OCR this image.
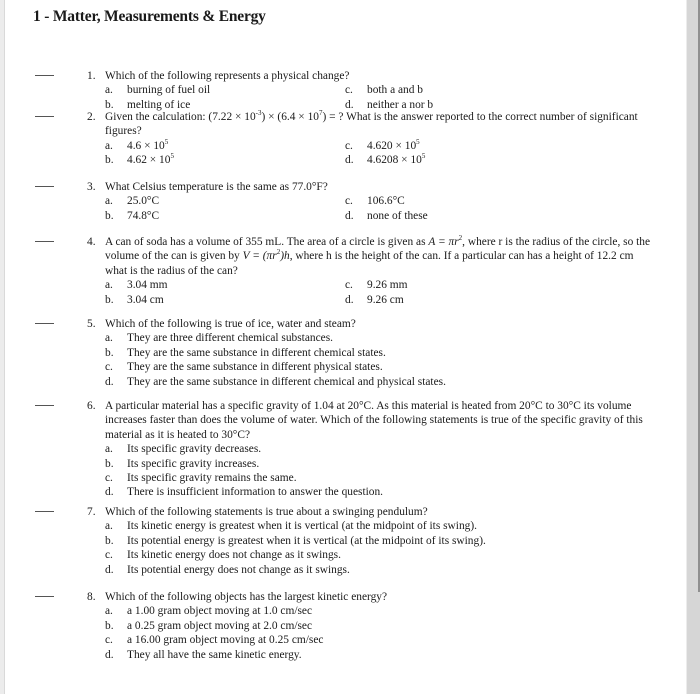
1 - Matter, Measurements & Energy
1. Which of the following represents a physical change?
a. burning of fuel oil	c. both a and b
b. melting of ice	d. neither a nor b
2. Given the calculation: $(7.22 \times 10^{-3}) \times (6.4 \times 10^7)$ = ? What is the answer reported to the correct number of significant figures?
a. $4.6 \times 10^5$	c. $4.620 \times 10^5$
b. $4.62 \times 10^5$	d. $4.6208 \times 10^5$
3. What Celsius temperature is the same as 77.0°F?
a. 25.0°C	c. 106.6°C
b. 74.8°C	d. none of these
4. A can of soda has a volume of 355 mL. The area of a circle is given as $A = \pi r^2$, where r is the radius of the circle, so the volume of the can is given by $V = (\pi r^2)h$, where h is the height of the can. If a particular can has a height of 12.2 cm what is the radius of the can?
a. 3.04 mm	c. 9.26 mm
b. 3.04 cm	d. 9.26 cm
5. Which of the following is true of ice, water and steam?
a. They are three different chemical substances.
b. They are the same substance in different chemical states.
c. They are the same substance in different physical states.
d. They are the same substance in different chemical and physical states.
6. A particular material has a specific gravity of 1.04 at 20°C. As this material is heated from 20°C to 30°C its volume increases faster than does the volume of water. Which of the following statements is true of the specific gravity of this material as it is heated to 30°C?
a. Its specific gravity decreases.
b. Its specific gravity increases.
c. Its specific gravity remains the same.
d. There is insufficient information to answer the question.
7. Which of the following statements is true about a swinging pendulum?
a. Its kinetic energy is greatest when it is vertical (at the midpoint of its swing).
b. Its potential energy is greatest when it is vertical (at the midpoint of its swing).
c. Its kinetic energy does not change as it swings.
d. Its potential energy does not change as it swings.
8. Which of the following objects has the largest kinetic energy?
a. a 1.00 gram object moving at 1.0 cm/sec
b. a 0.25 gram object moving at 2.0 cm/sec
c. a 16.00 gram object moving at 0.25 cm/sec
d. They all have the same kinetic energy.
